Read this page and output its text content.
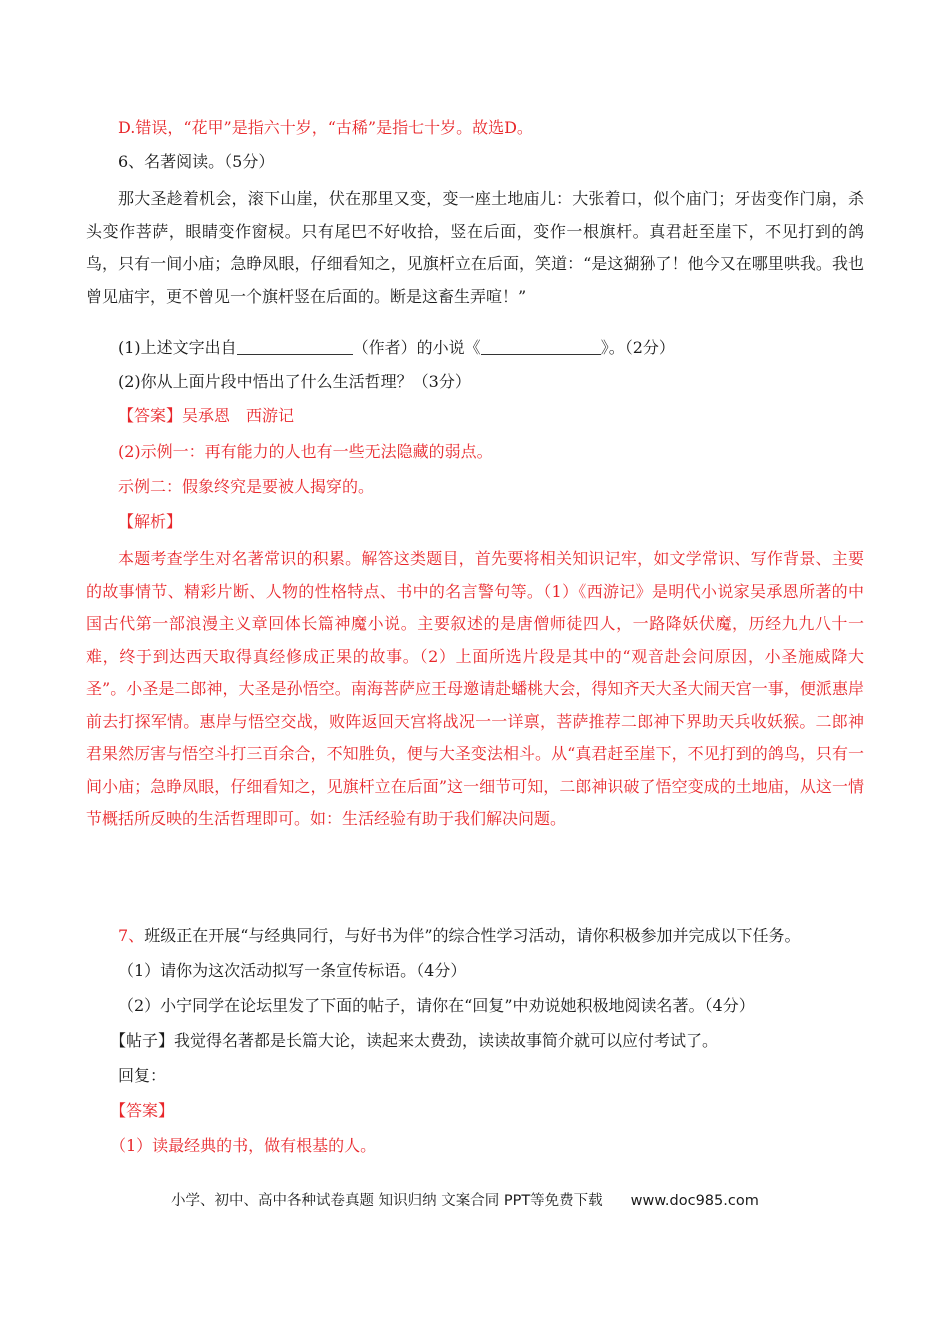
D.错误，“花甲”是指六十岁，“古稀”是指七十岁。故选D。
6、名著阅读。（5分）
那大圣趁着机会，滚下山崖，伏在那里又变，变一座土地庙儿：大张着口，似个庙门；牙齿变作门扇，杀头变作菩萨，眼睛变作窗棂。只有尾巴不好收拾，竖在后面，变作一根旗杆。真君赶至崖下，不见打到的鸽鸟，只有一间小庙；急睁凤眼，仔细看知之，见旗杆立在后面，笑道：“是这猢狲了！他今又在哪里哄我。我也曾见庙宇，更不曾见一个旗杆竖在后面的。断是这畜生弄喧！”
(1)上述文字出自	（作者）的小说《	》。（2分）
(2)你从上面片段中悟出了什么生活哲理？（3分）
【答案】吴承恩　西游记
(2)示例一：再有能力的人也有一些无法隐藏的弱点。
示例二：假象终究是要被人揭穿的。
【解析】
本题考查学生对名著常识的积累。解答这类题目，首先要将相关知识记牢，如文学常识、写作背景、主要的故事情节、精彩片断、人物的性格特点、书中的名言警句等。（1）《西游记》是明代小说家吴承恩所著的中国古代第一部浪漫主义章回体长篇神魔小说。主要叙述的是唐僧师徒四人，一路降妖伏魔，历经九九八十一难，终于到达西天取得真经修成正果的故事。（2）上面所选片段是其中的“观音赴会问原因，小圣施威降大圣”。小圣是二郎神，大圣是孙悟空。南海菩萨应王母邀请赴蟠桃大会，得知齐天大圣大闹天宫一事，便派惠岸前去打探军情。惠岸与悟空交战，败阵返回天宫将战况一一详禀，菩萨推荐二郎神下界助天兵收妖猴。二郎神君果然厉害与悟空斗打三百余合，不知胜负，便与大圣变法相斗。从“真君赶至崖下，不见打到的鸽鸟，只有一间小庙；急睁凤眼，仔细看知之，见旗杆立在后面”这一细节可知，二郎神识破了悟空变成的土地庙，从这一情节概括所反映的生活哲理即可。如：生活经验有助于我们解决问题。
7、班级正在开展“与经典同行，与好书为伴”的综合性学习活动，请你积极参加并完成以下任务。
（1）请你为这次活动拟写一条宣传标语。（4分）
（2）小宁同学在论坛里发了下面的帖子，请你在“回复”中劝说她积极地阅读名著。（4分）
【帖子】我觉得名著都是长篇大论，读起来太费劲，读读故事简介就可以应付考试了。
回复：
【答案】
（1）读最经典的书，做有根基的人。
小学、初中、高中各种试卷真题 知识归纳 文案合同 PPT等免费下载 www.doc985.com
